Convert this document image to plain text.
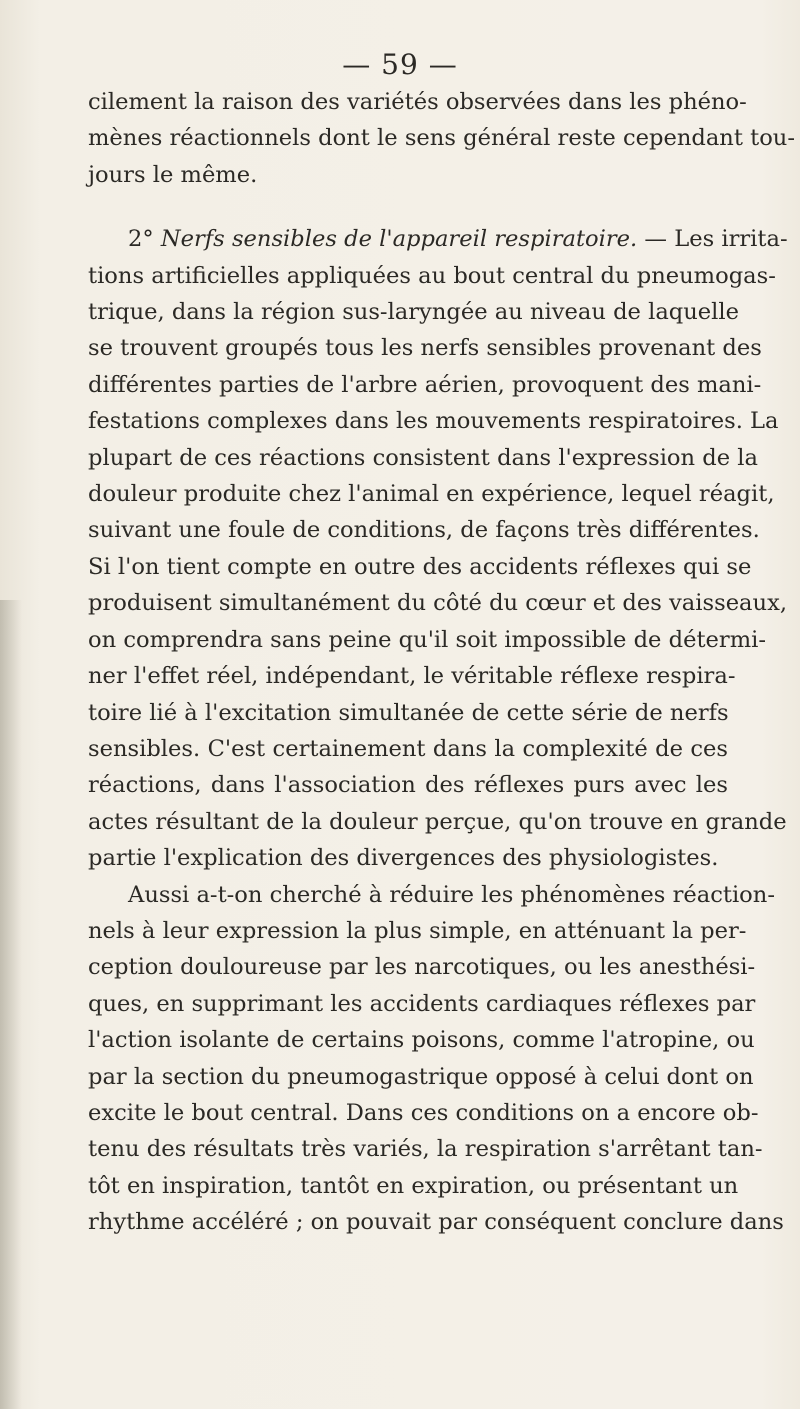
— 59 —
cilement la raison des variétés observées dans les phéno-
mènes réactionnels dont le sens général reste cependant tou-
jours le même.
2° Nerfs sensibles de l'appareil respiratoire. — Les irrita-
tions artificielles appliquées au bout central du pneumogas-
trique, dans la région sus-laryngée au niveau de laquelle
se trouvent groupés tous les nerfs sensibles provenant des
différentes parties de l'arbre aérien, provoquent des mani-
festations complexes dans les mouvements respiratoires. La
plupart de ces réactions consistent dans l'expression de la
douleur produite chez l'animal en expérience, lequel réagit,
suivant une foule de conditions, de façons très différentes.
Si l'on tient compte en outre des accidents réflexes qui se
produisent simultanément du côté du cœur et des vaisseaux,
on comprendra sans peine qu'il soit impossible de détermi-
ner l'effet réel, indépendant, le véritable réflexe respira-
toire lié à l'excitation simultanée de cette série de nerfs
sensibles. C'est certainement dans la complexité de ces
réactions, dans l'association des réflexes purs avec les
actes résultant de la douleur perçue, qu'on trouve en grande
partie l'explication des divergences des physiologistes.
Aussi a-t-on cherché à réduire les phénomènes réaction-
nels à leur expression la plus simple, en atténuant la per-
ception douloureuse par les narcotiques, ou les anesthési-
ques, en supprimant les accidents cardiaques réflexes par
l'action isolante de certains poisons, comme l'atropine, ou
par la section du pneumogastrique opposé à celui dont on
excite le bout central. Dans ces conditions on a encore ob-
tenu des résultats très variés, la respiration s'arrêtant tan-
tôt en inspiration, tantôt en expiration, ou présentant un
rhythme accéléré ; on pouvait par conséquent conclure dans
